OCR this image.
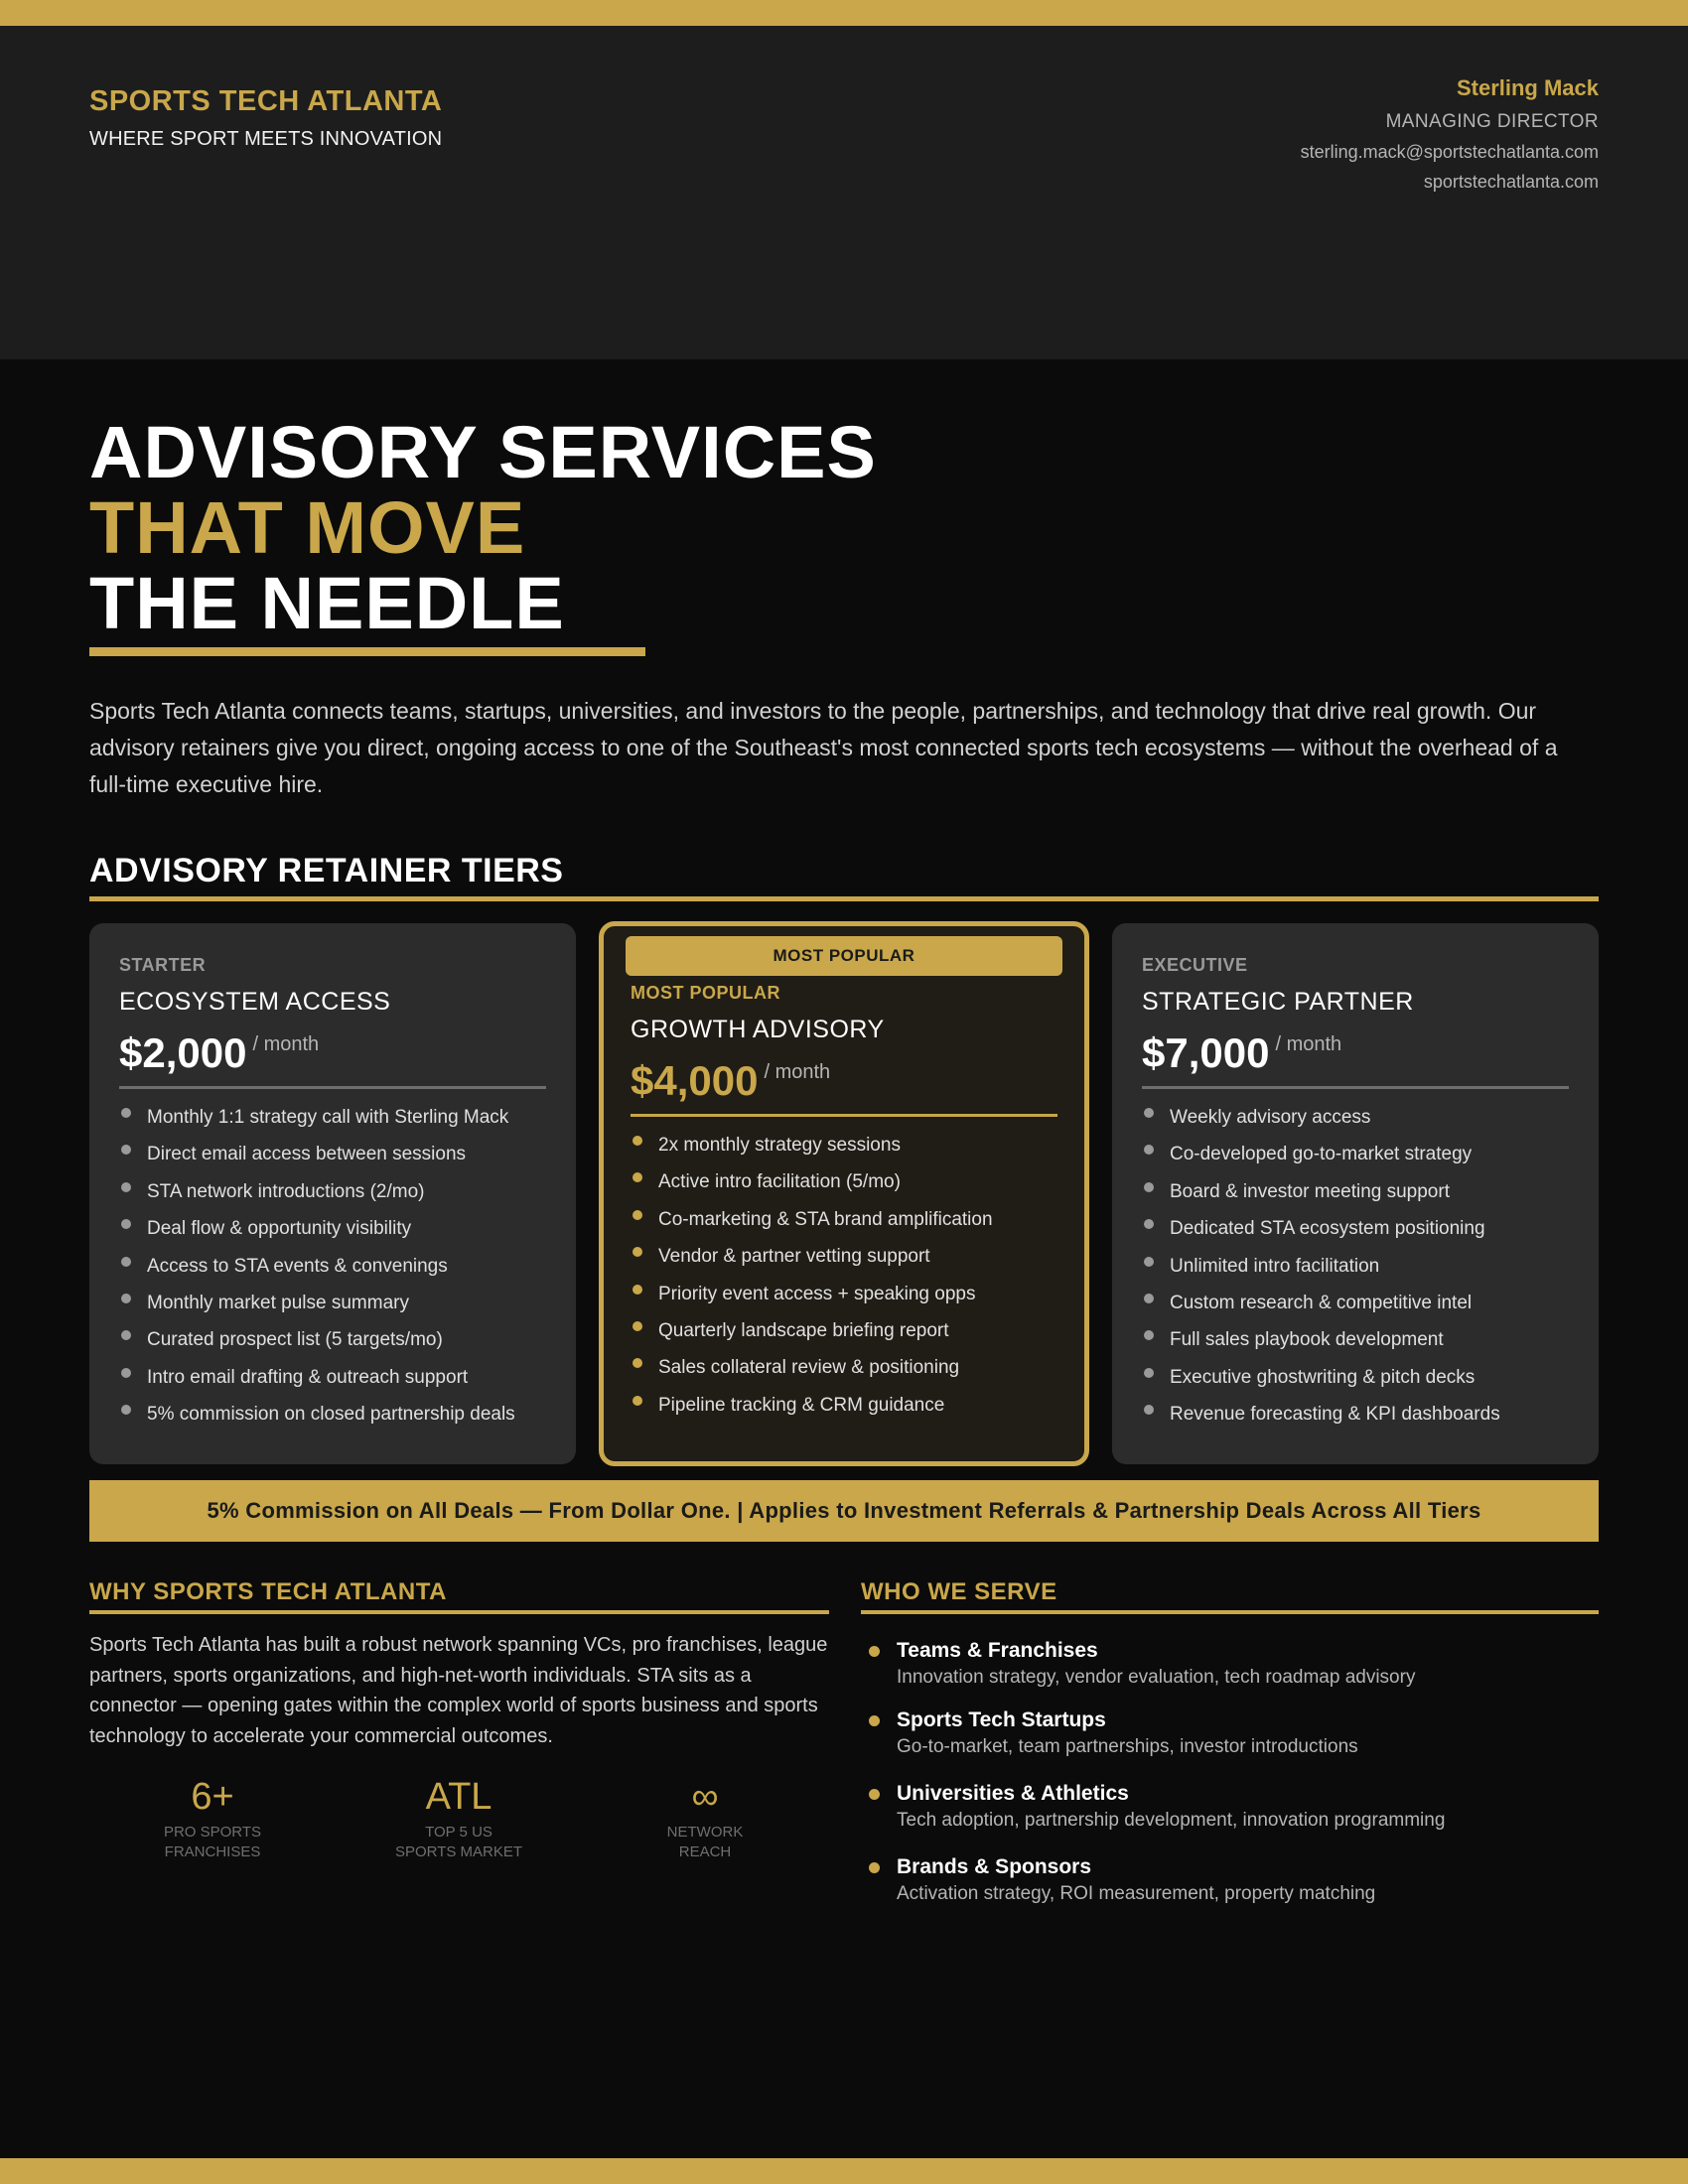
SPORTS TECH ATLANTA
WHERE SPORT MEETS INNOVATION
Sterling Mack
MANAGING DIRECTOR
sterling.mack@sportstechatlanta.com
sportstechatlanta.com
ADVISORY SERVICES
THAT MOVE
THE NEEDLE

Sports Tech Atlanta connects teams, startups, universities, and investors to the people, partnerships, and technology that drive real growth. Our advisory retainers give you direct, ongoing access to one of the Southeast's most connected sports tech ecosystems — without the overhead of a full-time executive hire.

ADVISORY RETAINER TIERS
STARTER
ECOSYSTEM ACCESS
$2,000 / month
Monthly 1:1 strategy call with Sterling Mack
Direct email access between sessions
STA network introductions (2/mo)
Deal flow & opportunity visibility
Access to STA events & convenings
Monthly market pulse summary
Curated prospect list (5 targets/mo)
Intro email drafting & outreach support
5% commission on closed partnership deals
MOST POPULAR
MOST POPULAR
GROWTH ADVISORY
$4,000 / month
2x monthly strategy sessions
Active intro facilitation (5/mo)
Co-marketing & STA brand amplification
Vendor & partner vetting support
Priority event access + speaking opps
Quarterly landscape briefing report
Sales collateral review & positioning
Pipeline tracking & CRM guidance
EXECUTIVE
STRATEGIC PARTNER
$7,000 / month
Weekly advisory access
Co-developed go-to-market strategy
Board & investor meeting support
Dedicated STA ecosystem positioning
Unlimited intro facilitation
Custom research & competitive intel
Full sales playbook development
Executive ghostwriting & pitch decks
Revenue forecasting & KPI dashboards
5% Commission on All Deals — From Dollar One. | Applies to Investment Referrals & Partnership Deals Across All Tiers
WHY SPORTS TECH ATLANTA

Sports Tech Atlanta has built a robust network spanning VCs, pro franchises, league partners, sports organizations, and high-net-worth individuals. STA sits as a connector — opening gates within the complex world of sports business and sports technology to accelerate your commercial outcomes.

6+
PRO SPORTS
FRANCHISES
ATL
TOP 5 US
SPORTS MARKET
∞
NETWORK
REACH
WHO WE SERVE
Teams & Franchises
Innovation strategy, vendor evaluation, tech roadmap advisory
Sports Tech Startups
Go-to-market, team partnerships, investor introductions
Universities & Athletics
Tech adoption, partnership development, innovation programming
Brands & Sponsors
Activation strategy, ROI measurement, property matching
